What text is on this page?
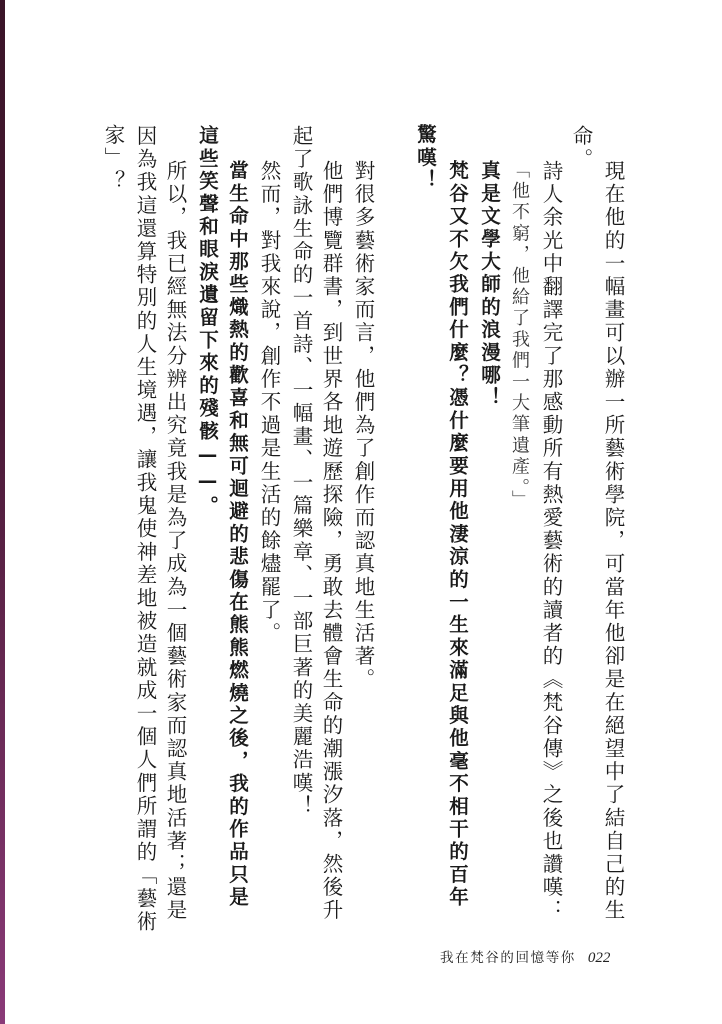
現在他的一幅畫可以辦一所藝術學院，可當年他卻是在絕望中了結自己的生
命。
詩人余光中翻譯完了那感動所有熱愛藝術的讀者的《梵谷傳》之後也讚嘆：
「他不窮，他給了我們一大筆遺產。」
真是文學大師的浪漫哪！
梵谷又不欠我們什麼？憑什麼要用他淒涼的一生來滿足與他毫不相干的百年
驚嘆！
對很多藝術家而言，他們為了創作而認真地生活著。
他們博覽群書，到世界各地遊歷探險，勇敢去體會生命的潮漲汐落，然後升
起了歌詠生命的一首詩、一幅畫、一篇樂章、一部巨著的美麗浩嘆！
然而，對我來說，創作不過是生活的餘燼罷了。
當生命中那些熾熱的歡喜和無可迴避的悲傷在熊熊燃燒之後，我的作品只是
這些笑聲和眼淚遺留下來的殘骸——。
所以，我已經無法分辨出究竟我是為了成為一個藝術家而認真地活著；還是
因為我這還算特別的人生境遇，讓我鬼使神差地被造就成一個人們所謂的「藝術
家」？
我在梵谷的回憶等你 022
